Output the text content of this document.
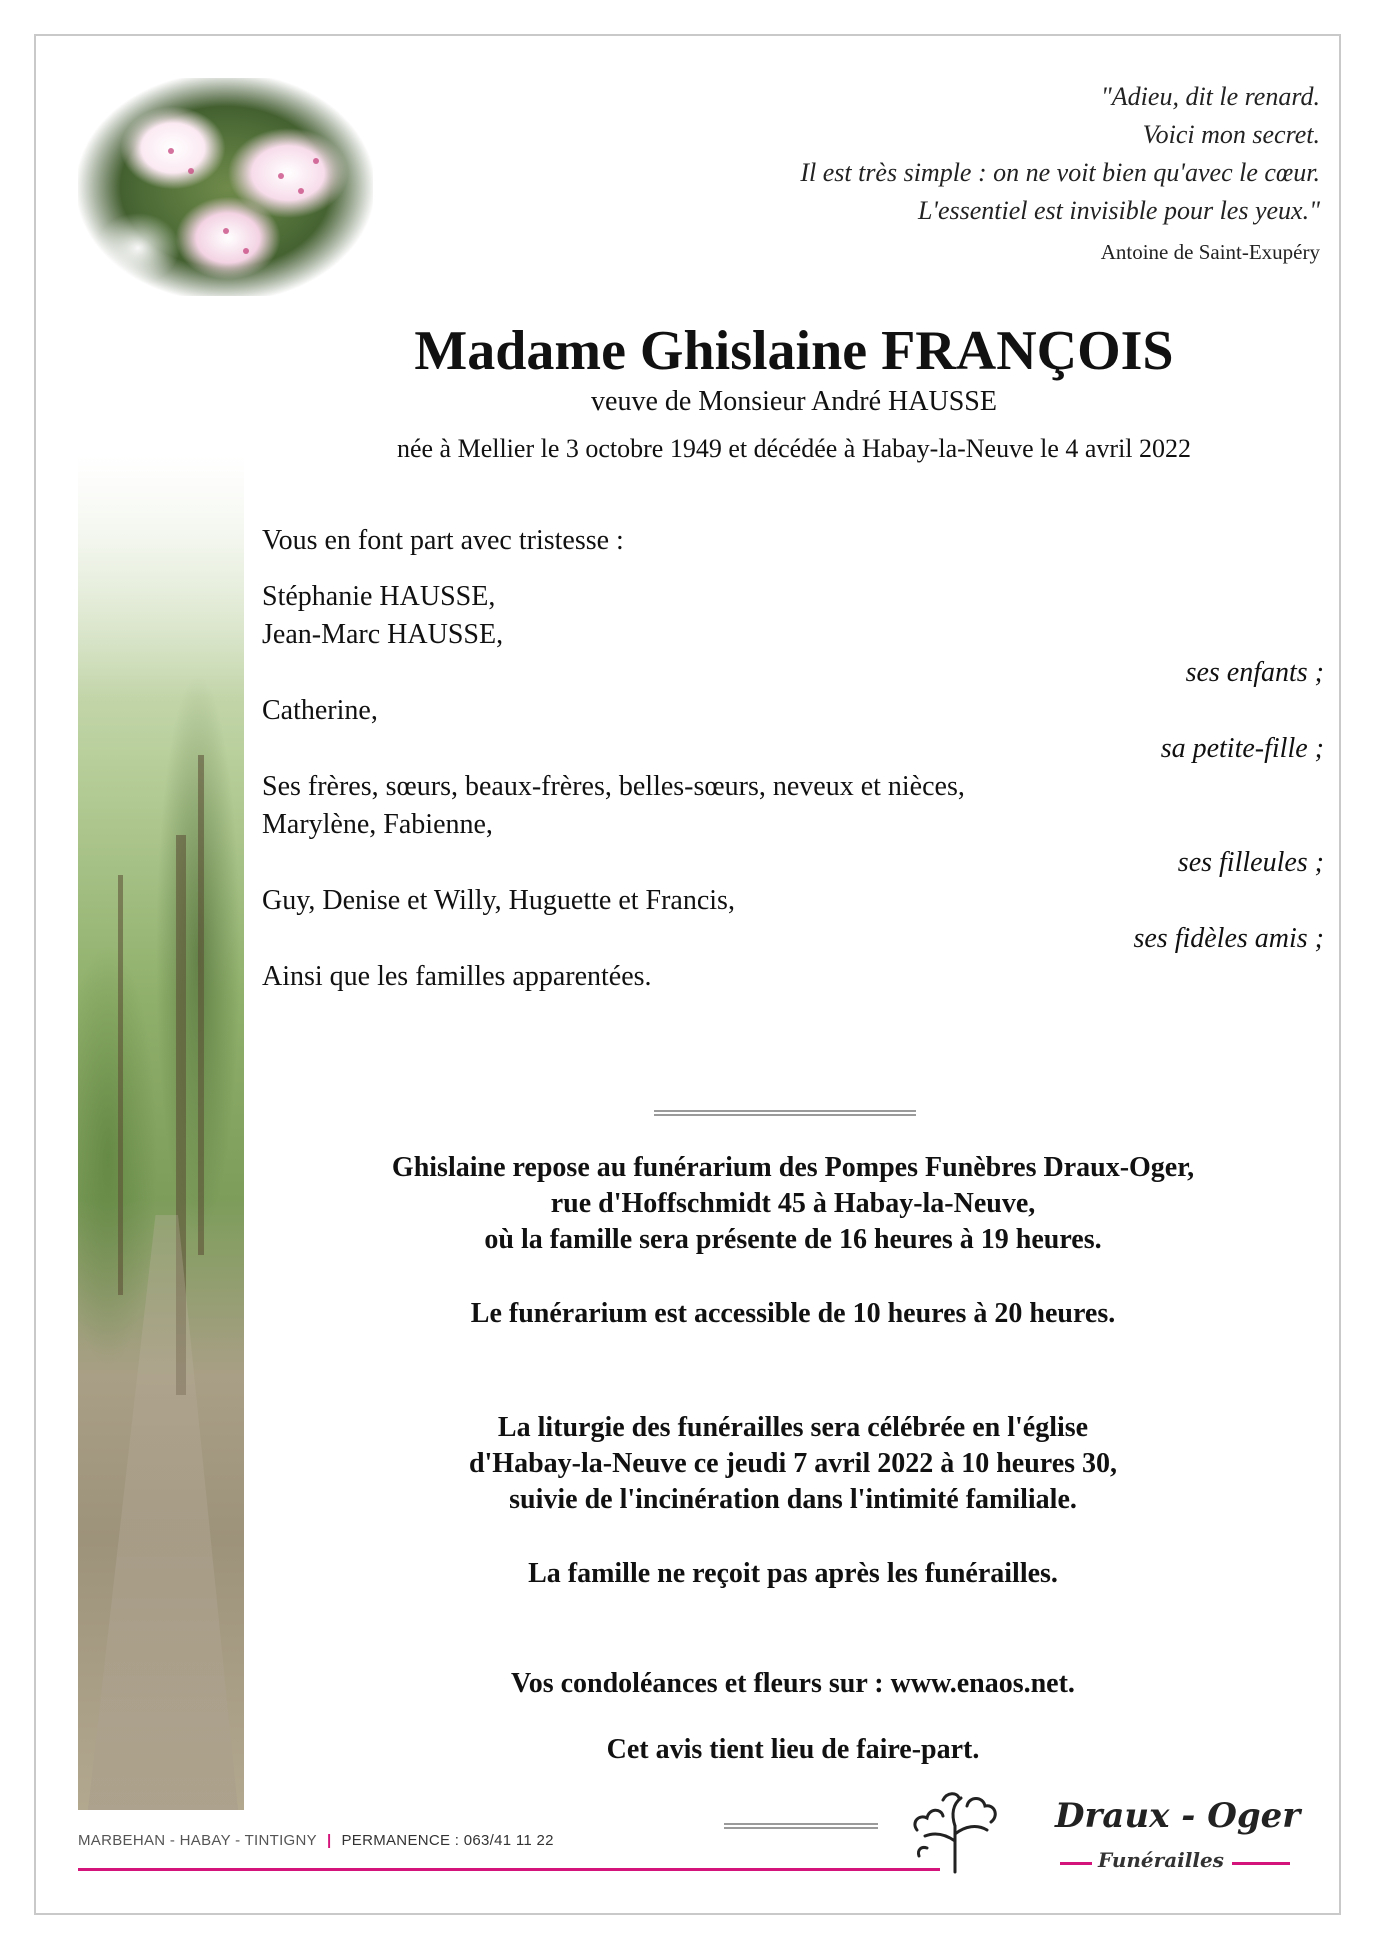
"Adieu, dit le renard.
Voici mon secret.
Il est très simple : on ne voit bien qu'avec le cœur.
L'essentiel est invisible pour les yeux."
Antoine de Saint-Exupéry
Madame Ghislaine FRANÇOIS
veuve de Monsieur André HAUSSE
née à Mellier le 3 octobre 1949 et décédée à Habay-la-Neuve le 4 avril 2022
Vous en font part avec tristesse :
Stéphanie HAUSSE,
Jean-Marc HAUSSE,
ses enfants ;
Catherine,
sa petite-fille ;
Ses frères, sœurs, beaux-frères, belles-sœurs, neveux et nièces,
Marylène, Fabienne,
ses filleules ;
Guy, Denise et Willy, Huguette et Francis,
ses fidèles amis ;
Ainsi que les familles apparentées.
Ghislaine repose au funérarium des Pompes Funèbres Draux-Oger,
rue d'Hoffschmidt 45 à Habay-la-Neuve,
où la famille sera présente de 16 heures à 19 heures.
Le funérarium est accessible de 10 heures à 20 heures.
La liturgie des funérailles sera célébrée en l'église
d'Habay-la-Neuve ce jeudi 7 avril 2022 à 10 heures 30,
suivie de l'incinération dans l'intimité familiale.
La famille ne reçoit pas après les funérailles.
Vos condoléances et fleurs sur : www.enaos.net.
Cet avis tient lieu de faire-part.
MARBEHAN - HABAY - TINTIGNY | PERMANENCE : 063/41 11 22
Draux - Oger
Funérailles
